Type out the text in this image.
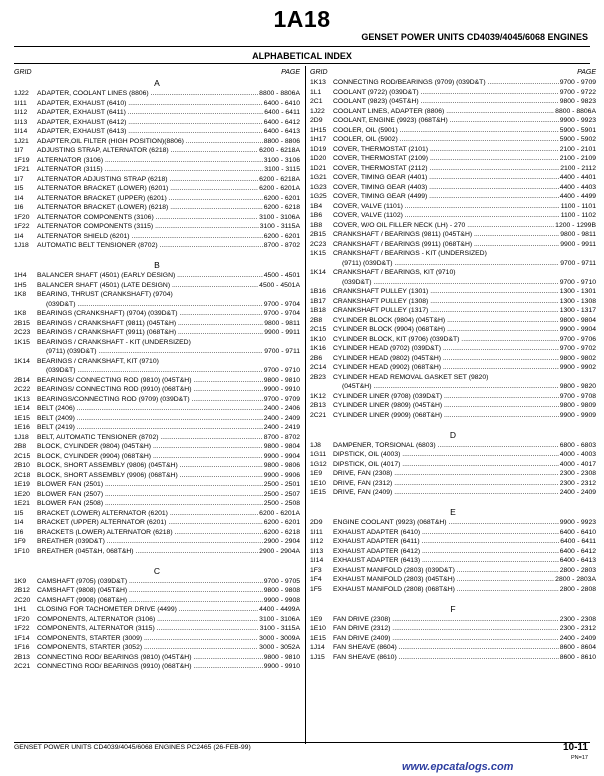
1A18
GENSET POWER UNITS CD4039/4045/6068 ENGINES
ALPHABETICAL INDEX
GRID	PAGE
A
1J22	ADAPTER, COOLANT LINES (8806) .....	8800 - 8806A
1I11	ADAPTER, EXHAUST (6410) .....	6400 - 6410
1I12	ADAPTER, EXHAUST (6411) .....	6400 - 6411
1I13	ADAPTER, EXHAUST (6412) .....	6400 - 6412
1I14	ADAPTER, EXHAUST (6413) .....	6400 - 6413
1J21	ADAPTER,OIL FILTER (HIGH POSITION)(8806) .....	8800 - 8806
1I7	ADJUSTING STRAP, ALTERNATOR (6218) .....	6200 - 6218A
1F19	ALTERNATOR (3106) .....	3100 - 3106
1F21	ALTERNATOR (3115) .....	3100 - 3115
1I7	ALTERNATOR ADJUSTING STRAP (6218) .....	6200 - 6218A
1I5	ALTERNATOR BRACKET (LOWER) (6201) .....	6200 - 6201A
1I4	ALTERNATOR BRACKET (UPPER) (6201) .....	6200 - 6201
1I6	ALTERNATOR BRACKET (LOWER) (6218) .....	6200 - 6218
1F20	ALTERNATOR COMPONENTS (3106) .....	3100 - 3106A
1F22	ALTERNATOR COMPONENTS (3115) .....	3100 - 3115A
1I4	ALTERNATOR SHIELD (6201) .....	6200 - 6201
1J18	AUTOMATIC BELT TENSIONER (8702) .....	8700 - 8702
B
1H4	BALANCER SHAFT (4501) (EARLY DESIGN) .....	4500 - 4501
1H5	BALANCER SHAFT (4501) (LATE DESIGN) .....	4500 - 4501A
1K8	BEARING, THRUST (CRANKSHAFT) (9704)
(039D&T) .....	9700 - 9704
1K8	BEARINGS (CRANKSHAFT) (9704) (039D&T) .....	9700 - 9704
2B15	BEARINGS / CRANKSHAFT (9811) (045T&H) .....	9800 - 9811
2C23 BEARINGS / CRANKSHAFT (9911) (068T&H) .....	9900 - 9911
1K15	BEARINGS / CRANKSHAFT - KIT (UNDERSIZED)
(9711) (039D&T) .....	9700 - 9711
1K14	BEARINGS / CRANKSHAFT, KIT (9710)
(039D&T) .....	9700 - 9710
2B14	BEARINGS/ CONNECTING ROD (9810) (045T&H) .....	9800 - 9810
2C22 BEARINGS/ CONNECTING ROD (9910) (068T&H) .....	9900 - 9910
1K13	BEARINGS/CONNECTING ROD (9709) (039D&T) .....	9700 - 9709
1E14	BELT (2406) .....	2400 - 2406
1E15	BELT (2409) .....	2400 - 2409
1E16	BELT (2419) .....	2400 - 2419
1J18	BELT, AUTOMATIC TENSIONER (8702) .....	8700 - 8702
2B8	BLOCK, CYLINDER (9804) (045T&H) .....	9800 - 9804
2C15 BLOCK, CYLINDER (9904) (068T&H) .....	9900 - 9904
2B10	BLOCK, SHORT ASSEMBLY (9806) (045T&H) .....	9800 - 9806
2C18 BLOCK, SHORT ASSEMBLY (9906) (068T&H) .....	9900 - 9906
1E19	BLOWER FAN (2501) .....	2500 - 2501
1E20	BLOWER FAN (2507) .....	2500 - 2507
1E21	BLOWER FAN (2508) .....	2500 - 2508
1I5	BRACKET (LOWER) ALTERNATOR (6201) .....	6200 - 6201A
1I4	BRACKET (UPPER) ALTERNATOR (6201) .....	6200 - 6201
1I6	BRACKETS (LOWER) ALTERNATOR (6218) .....	6200 - 6218
1F9	BREATHER (039D&T) .....	2900 - 2904
1F10	BREATHER (045T&H, 068T&H) .....	2900 - 2904A
C
1K9	CAMSHAFT (9705) (039D&T) .....	9700 - 9705
2B12	CAMSHAFT (9808) (045T&H) .....	9800 - 9808
2C20 CAMSHAFT (9908) (068T&H) .....	9900 - 9908
1H1	CLOSING FOR TACHOMETER DRIVE (4499) .....	4400 - 4499A
1F20	COMPONENTS, ALTERNATOR (3106) .....	3100 - 3106A
1F22	COMPONENTS, ALTERNATOR (3115) .....	3100 - 3115A
1F14	COMPONENTS, STARTER (3009) .....	3000 - 3009A
1F16	COMPONENTS, STARTER (3052) .....	3000 - 3052A
2B13	CONNECTING ROD/ BEARINGS (9810) (045T&H) .....	9800 - 9810
2C21 CONNECTING ROD/ BEARINGS (9910) (068T&H) .....	9900 - 9910
GRID	PAGE
1K13	CONNECTING ROD/BEARINGS (9709) (039D&T) .....	9700 - 9709
1L1	COOLANT (9722) (039D&T) .....	9700 - 9722
2C1	COOLANT (9823) (045T&H) .....	9800 - 9823
1J22	COOLANT LINES, ADAPTER (8806) .....	8800 - 8806A
2D9	COOLANT, ENGINE (9923) (068T&H) .....	9900 - 9923
1H15 COOLER, OIL (5901) .....	5900 - 5901
1H17 COOLER, OIL (5902) .....	5900 - 5902
1D19 COVER, THERMOSTAT (2101) .....	2100 - 2101
1D20 COVER, THERMOSTAT (2109) .....	2100 - 2109
1D21 COVER, THERMOSTAT (2112) .....	2100 - 2112
1G21 COVER, TIMING GEAR (4401) .....	4400 - 4401
1G23 COVER, TIMING GEAR (4403) .....	4400 - 4403
1G25 COVER, TIMING GEAR (4499) .....	4400 - 4499
1B4	COVER, VALVE (1101) .....	1100 - 1101
1B6	COVER, VALVE (1102) .....	1100 - 1102
1B8	COVER, W/O OIL FILLER NECK (LH) - 270 .....	1200 - 1299B
2B15	CRANKSHAFT / BEARINGS (9811) (045T&H) .....	9800 - 9811
2C23 CRANKSHAFT / BEARINGS (9911) (068T&H) .....	9900 - 9911
1K15	CRANKSHAFT / BEARINGS - KIT (UNDERSIZED)
(9711) (039D&T) .....	9700 - 9711
1K14	CRANKSHAFT / BEARINGS, KIT (9710)
(039D&T) .....	9700 - 9710
1B16	CRANKSHAFT PULLEY (1301) .....	1300 - 1301
1B17	CRANKSHAFT PULLEY (1308) .....	1300 - 1308
1B18	CRANKSHAFT PULLEY (1317) .....	1300 - 1317
2B8	CYLINDER BLOCK (9804) (045T&H) .....	9800 - 9804
2C15 CYLINDER BLOCK (9904) (068T&H) .....	9900 - 9904
1K10	CYLINDER BLOCK, KIT (9706) (039D&T) .....	9700 - 9706
1K16	CYLINDER HEAD (9702) (039D&T) .....	9700 - 9702
2B6	CYLINDER HEAD (9802) (045T&H) .....	9800 - 9802
2C14 CYLINDER HEAD (9902) (068T&H) .....	9900 - 9902
2B23	CYLINDER HEAD REMOVAL GASKET SET (9820)
(045T&H) .....	9800 - 9820
1K12	CYLINDER LINER (9708) (039D&T) .....	9700 - 9708
2B13	CYLINDER LINER (9809) (045T&H) .....	9800 - 9809
2C21 CYLINDER LINER (9909) (068T&H) .....	9900 - 9909
D
1J8	DAMPENER, TORSIONAL (6803) .....	6800 - 6803
1G11	DIPSTICK, OIL (4003) .....	4000 - 4003
1G12 DIPSTICK, OIL (4017) .....	4000 - 4017
1E9	DRIVE, FAN (2308) .....	2300 - 2308
1E10	DRIVE, FAN (2312) .....	2300 - 2312
1E15	DRIVE, FAN (2409) .....	2400 - 2409
E
2D9	ENGINE COOLANT (9923) (068T&H) .....	9900 - 9923
1I11	EXHAUST ADAPTER (6410) .....	6400 - 6410
1I12	EXHAUST ADAPTER (6411) .....	6400 - 6411
1I13	EXHAUST ADAPTER (6412) .....	6400 - 6412
1I14	EXHAUST ADAPTER (6413) .....	6400 - 6413
1F3	EXHAUST MANIFOLD (2803) (039D&T) .....	2800 - 2803
1F4	EXHAUST MANIFOLD (2803) (045T&H) .....	2800 - 2803A
1F5	EXHAUST MANIFOLD (2808) (068T&H) .....	2800 - 2808
F
1E9	FAN DRIVE (2308) .....	2300 - 2308
1E10	FAN DRIVE (2312) .....	2300 - 2312
1E15	FAN DRIVE (2409) .....	2400 - 2409
1J14	FAN SHEAVE (8604) .....	8600 - 8604
1J15	FAN SHEAVE (8610) .....	8600 - 8610
GENSET POWER UNITS CD4039/4045/6068 ENGINES PC2465 (26-FEB-99)	10-11
PN=17
www.epcatalogs.com
